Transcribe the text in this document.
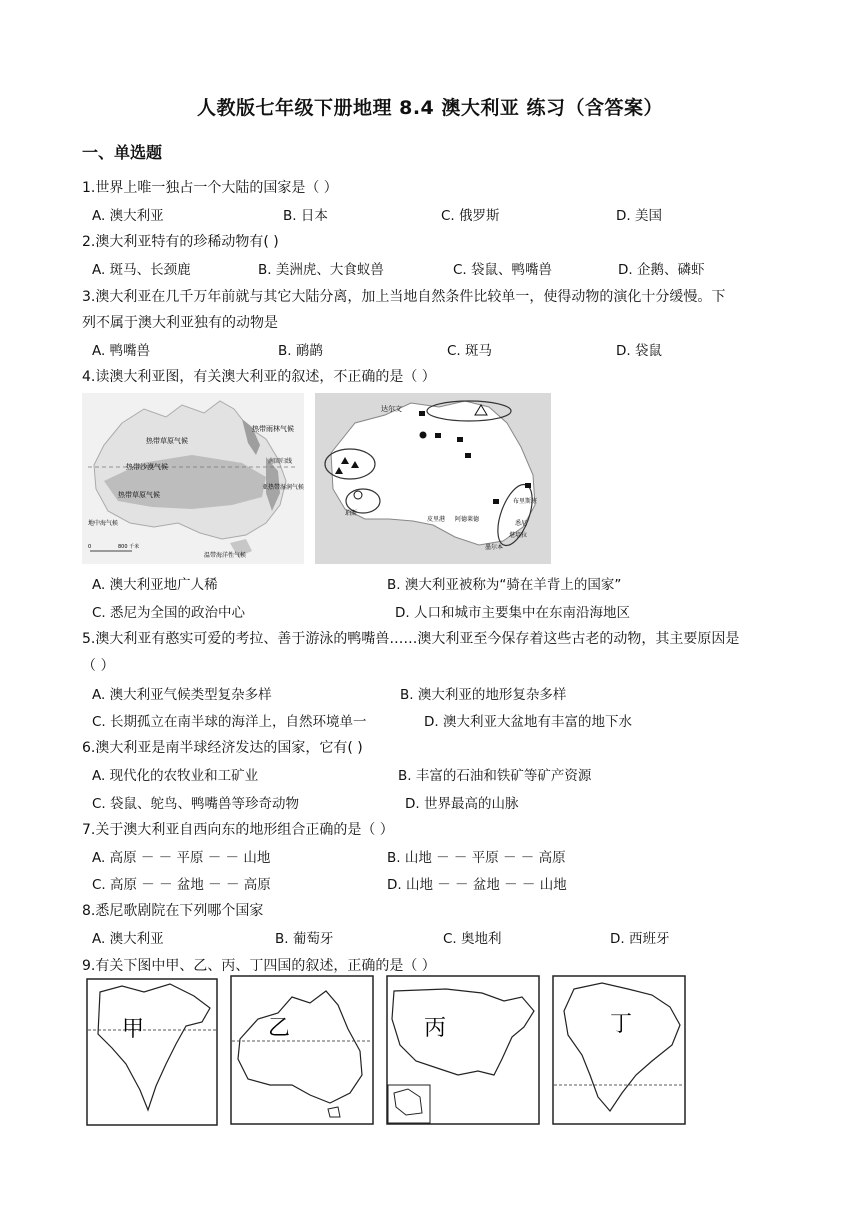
人教版七年级下册地理 8.4 澳大利亚 练习（含答案）
一、单选题
1.世界上唯一独占一个大陆的国家是（ ）
A. 澳大利亚	B. 日本	C. 俄罗斯	D. 美国
2.澳大利亚特有的珍稀动物有( )
A. 斑马、长颈鹿	B. 美洲虎、大食蚁兽	C. 袋鼠、鸭嘴兽	D. 企鹅、磷虾
3.澳大利亚在几千万年前就与其它大陆分离，加上当地自然条件比较单一，使得动物的演化十分缓慢。下
列不属于澳大利亚独有的动物是
A. 鸭嘴兽	B. 鸸鹋	C. 斑马	D. 袋鼠
4.读澳大利亚图，有关澳大利亚的叙述，不正确的是（ ）
热带草原气候
热带雨林气候
热带沙漠气候
南回归线
亚热带湿润气候
热带草原气候
地中海气候
温带海洋性气候
0	800 千米
达尔文
布里斯班
悉尼
堪培拉
墨尔本
阿德莱德
珀斯
皮里港
A. 澳大利亚地广人稀	B. 澳大利亚被称为“骑在羊背上的国家”
C. 悉尼为全国的政治中心	D. 人口和城市主要集中在东南沿海地区
5.澳大利亚有憨实可爱的考拉、善于游泳的鸭嘴兽……澳大利亚至今保存着这些古老的动物，其主要原因是
（ ）
A. 澳大利亚气候类型复杂多样	B. 澳大利亚的地形复杂多样
C. 长期孤立在南半球的海洋上，自然环境单一	D. 澳大利亚大盆地有丰富的地下水
6.澳大利亚是南半球经济发达的国家，它有( )
A. 现代化的农牧业和工矿业	B. 丰富的石油和铁矿等矿产资源
C. 袋鼠、鸵鸟、鸭嘴兽等珍奇动物	D. 世界最高的山脉
7.关于澳大利亚自西向东的地形组合正确的是（ ）
A. 高原 － － 平原 － － 山地	B. 山地 － － 平原 － － 高原
C. 高原 － － 盆地 － － 高原	D. 山地 － － 盆地 － － 山地
8.悉尼歌剧院在下列哪个国家
A. 澳大利亚	B. 葡萄牙	C. 奥地利	D. 西班牙
9.有关下图中甲、乙、丙、丁四国的叙述，正确的是（ ）
甲	乙	丙	丁
